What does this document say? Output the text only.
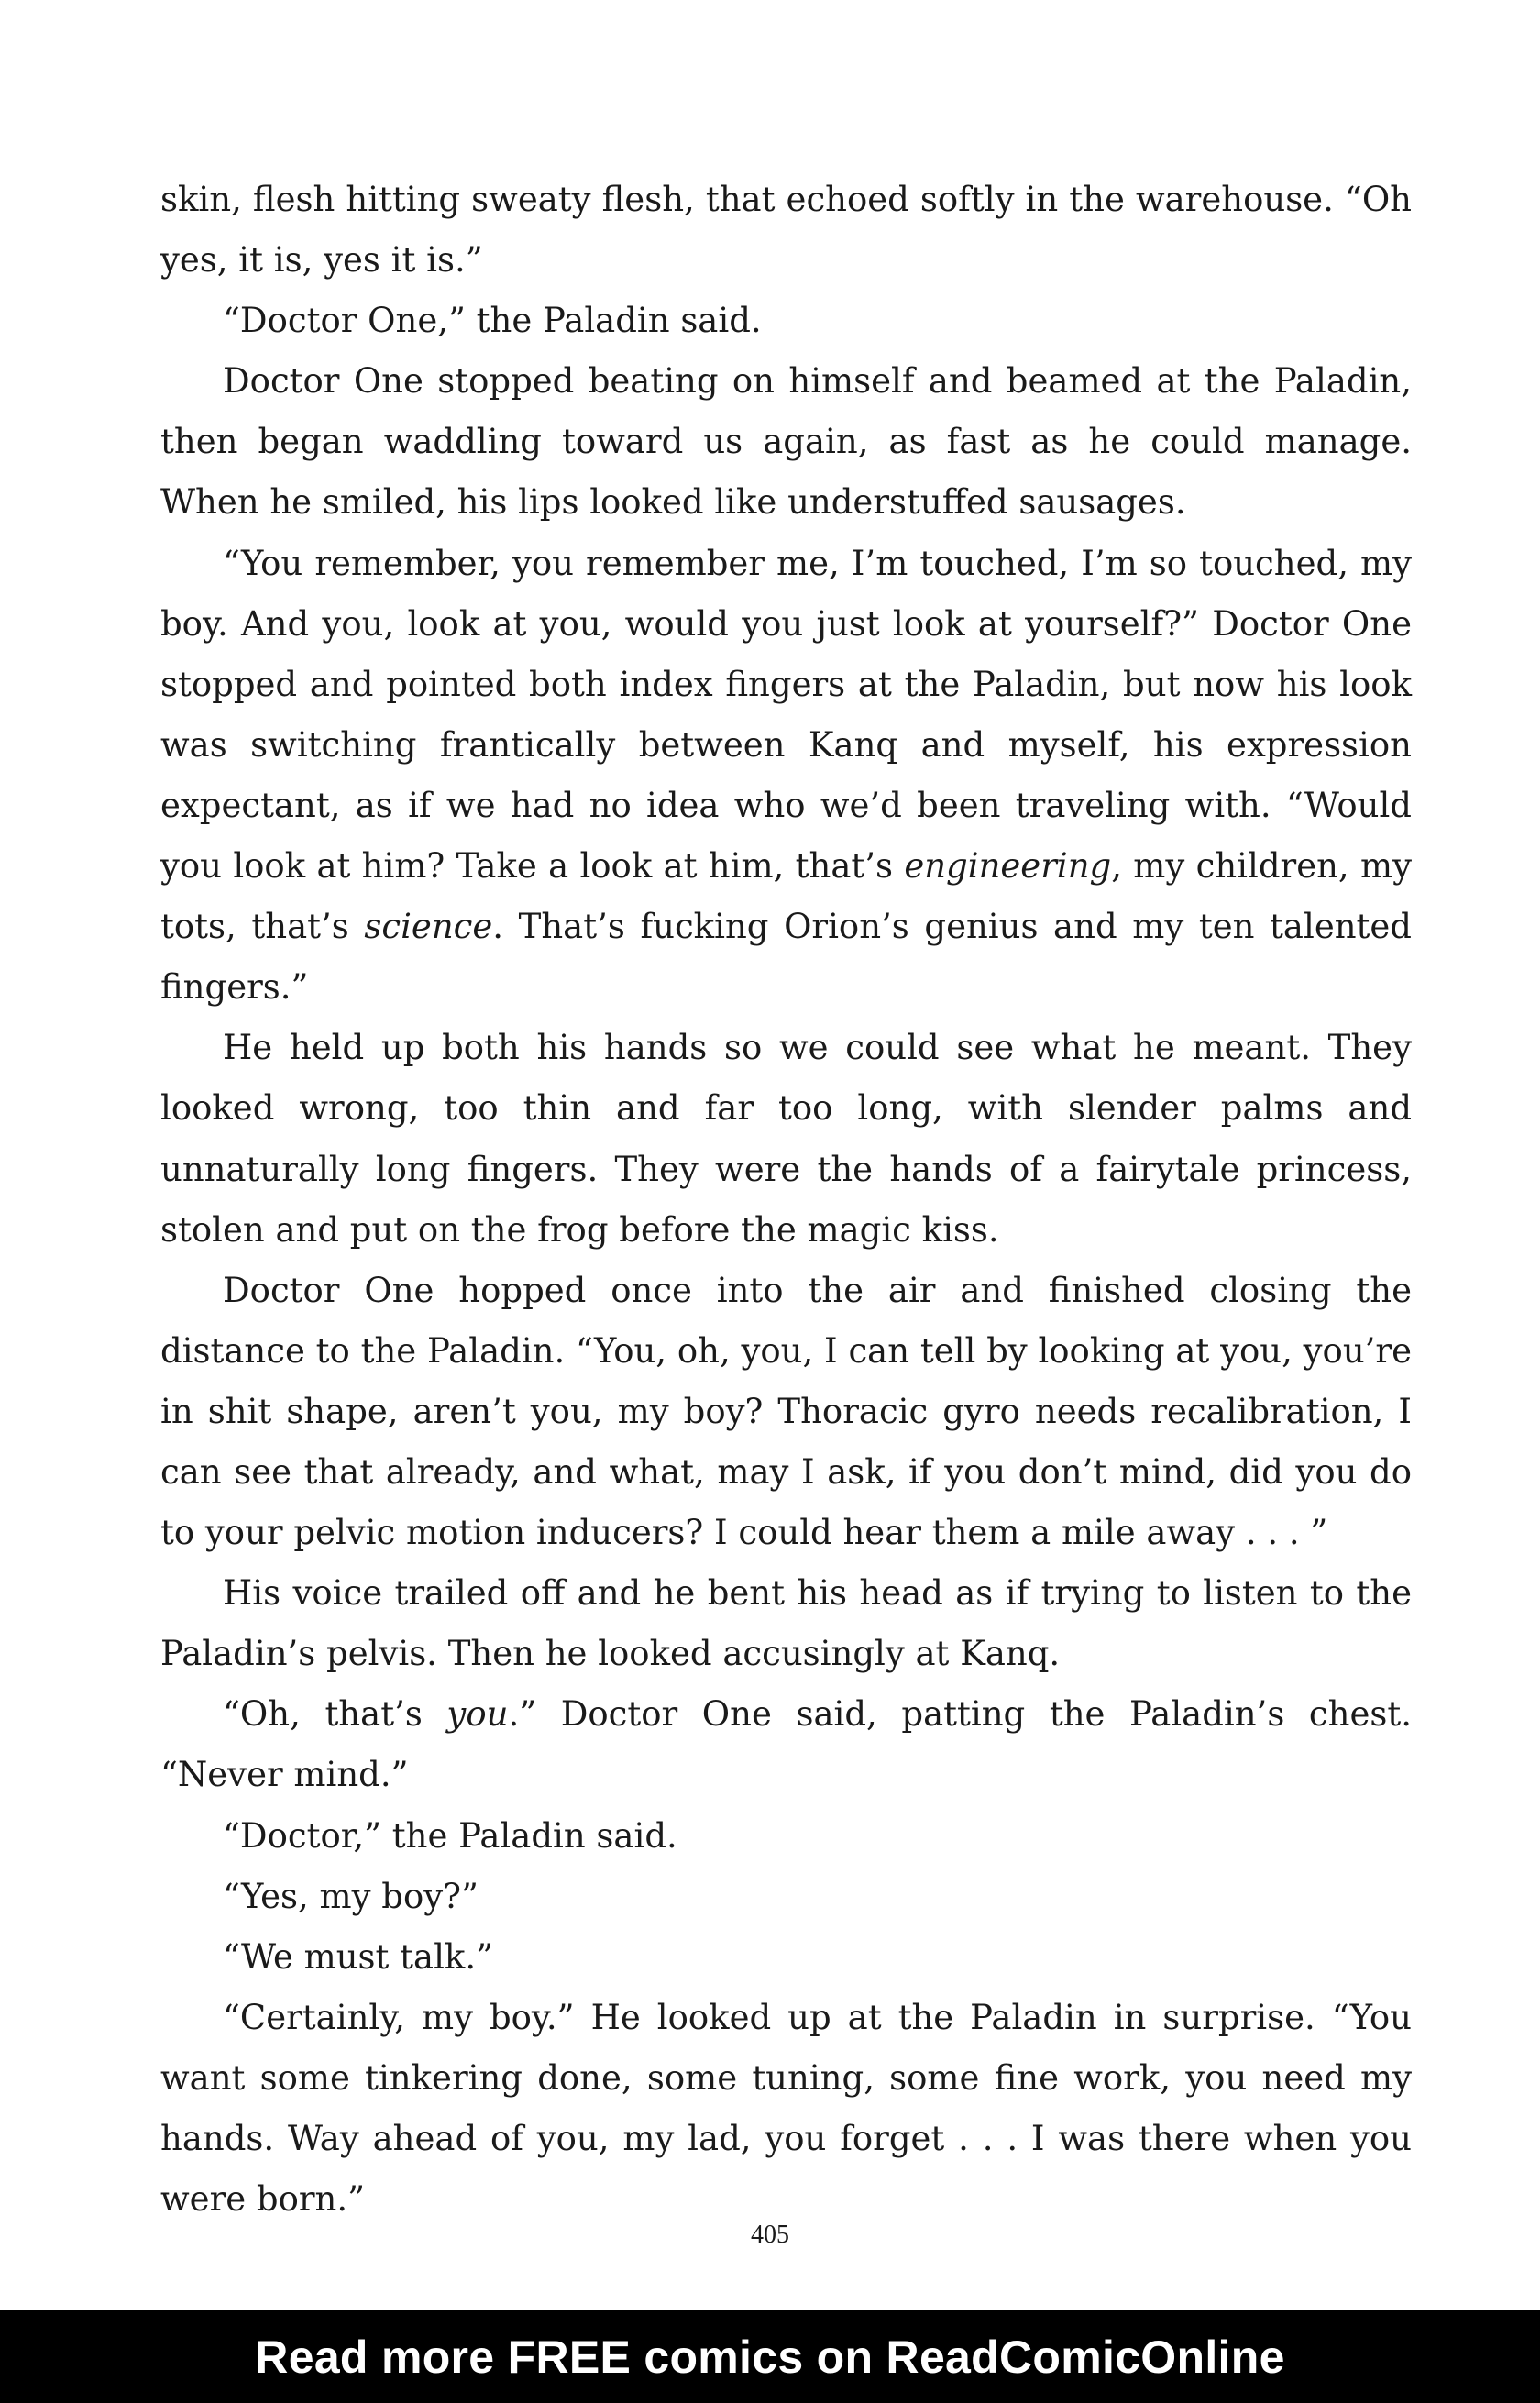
skin, flesh hitting sweaty flesh, that echoed softly in the warehouse. “Oh yes, it is, yes it is.”

“Doctor One,” the Paladin said.

Doctor One stopped beating on himself and beamed at the Paladin, then began waddling toward us again, as fast as he could manage. When he smiled, his lips looked like understuffed sausages.

“You remember, you remember me, I’m touched, I’m so touched, my boy. And you, look at you, would you just look at yourself?” Doctor One stopped and pointed both index fingers at the Paladin, but now his look was switching frantically between Kanq and myself, his expression expectant, as if we had no idea who we’d been traveling with. “Would you look at him? Take a look at him, that’s engineering, my children, my tots, that’s science. That’s fucking Orion’s genius and my ten talented fingers.”

He held up both his hands so we could see what he meant. They looked wrong, too thin and far too long, with slender palms and unnaturally long fingers. They were the hands of a fairytale princess, stolen and put on the frog before the magic kiss.

Doctor One hopped once into the air and finished closing the distance to the Paladin. “You, oh, you, I can tell by looking at you, you’re in shit shape, aren’t you, my boy? Thoracic gyro needs recalibration, I can see that already, and what, may I ask, if you don’t mind, did you do to your pelvic motion inducers? I could hear them a mile away . . . ”

His voice trailed off and he bent his head as if trying to listen to the Paladin’s pelvis. Then he looked accusingly at Kanq.

“Oh, that’s you.” Doctor One said, patting the Paladin’s chest. “Never mind.”

“Doctor,” the Paladin said.

“Yes, my boy?”

“We must talk.”

“Certainly, my boy.” He looked up at the Paladin in surprise. “You want some tinkering done, some tuning, some fine work, you need my hands. Way ahead of you, my lad, you forget . . . I was there when you were born.”

405
Read more FREE comics on ReadComicOnline
